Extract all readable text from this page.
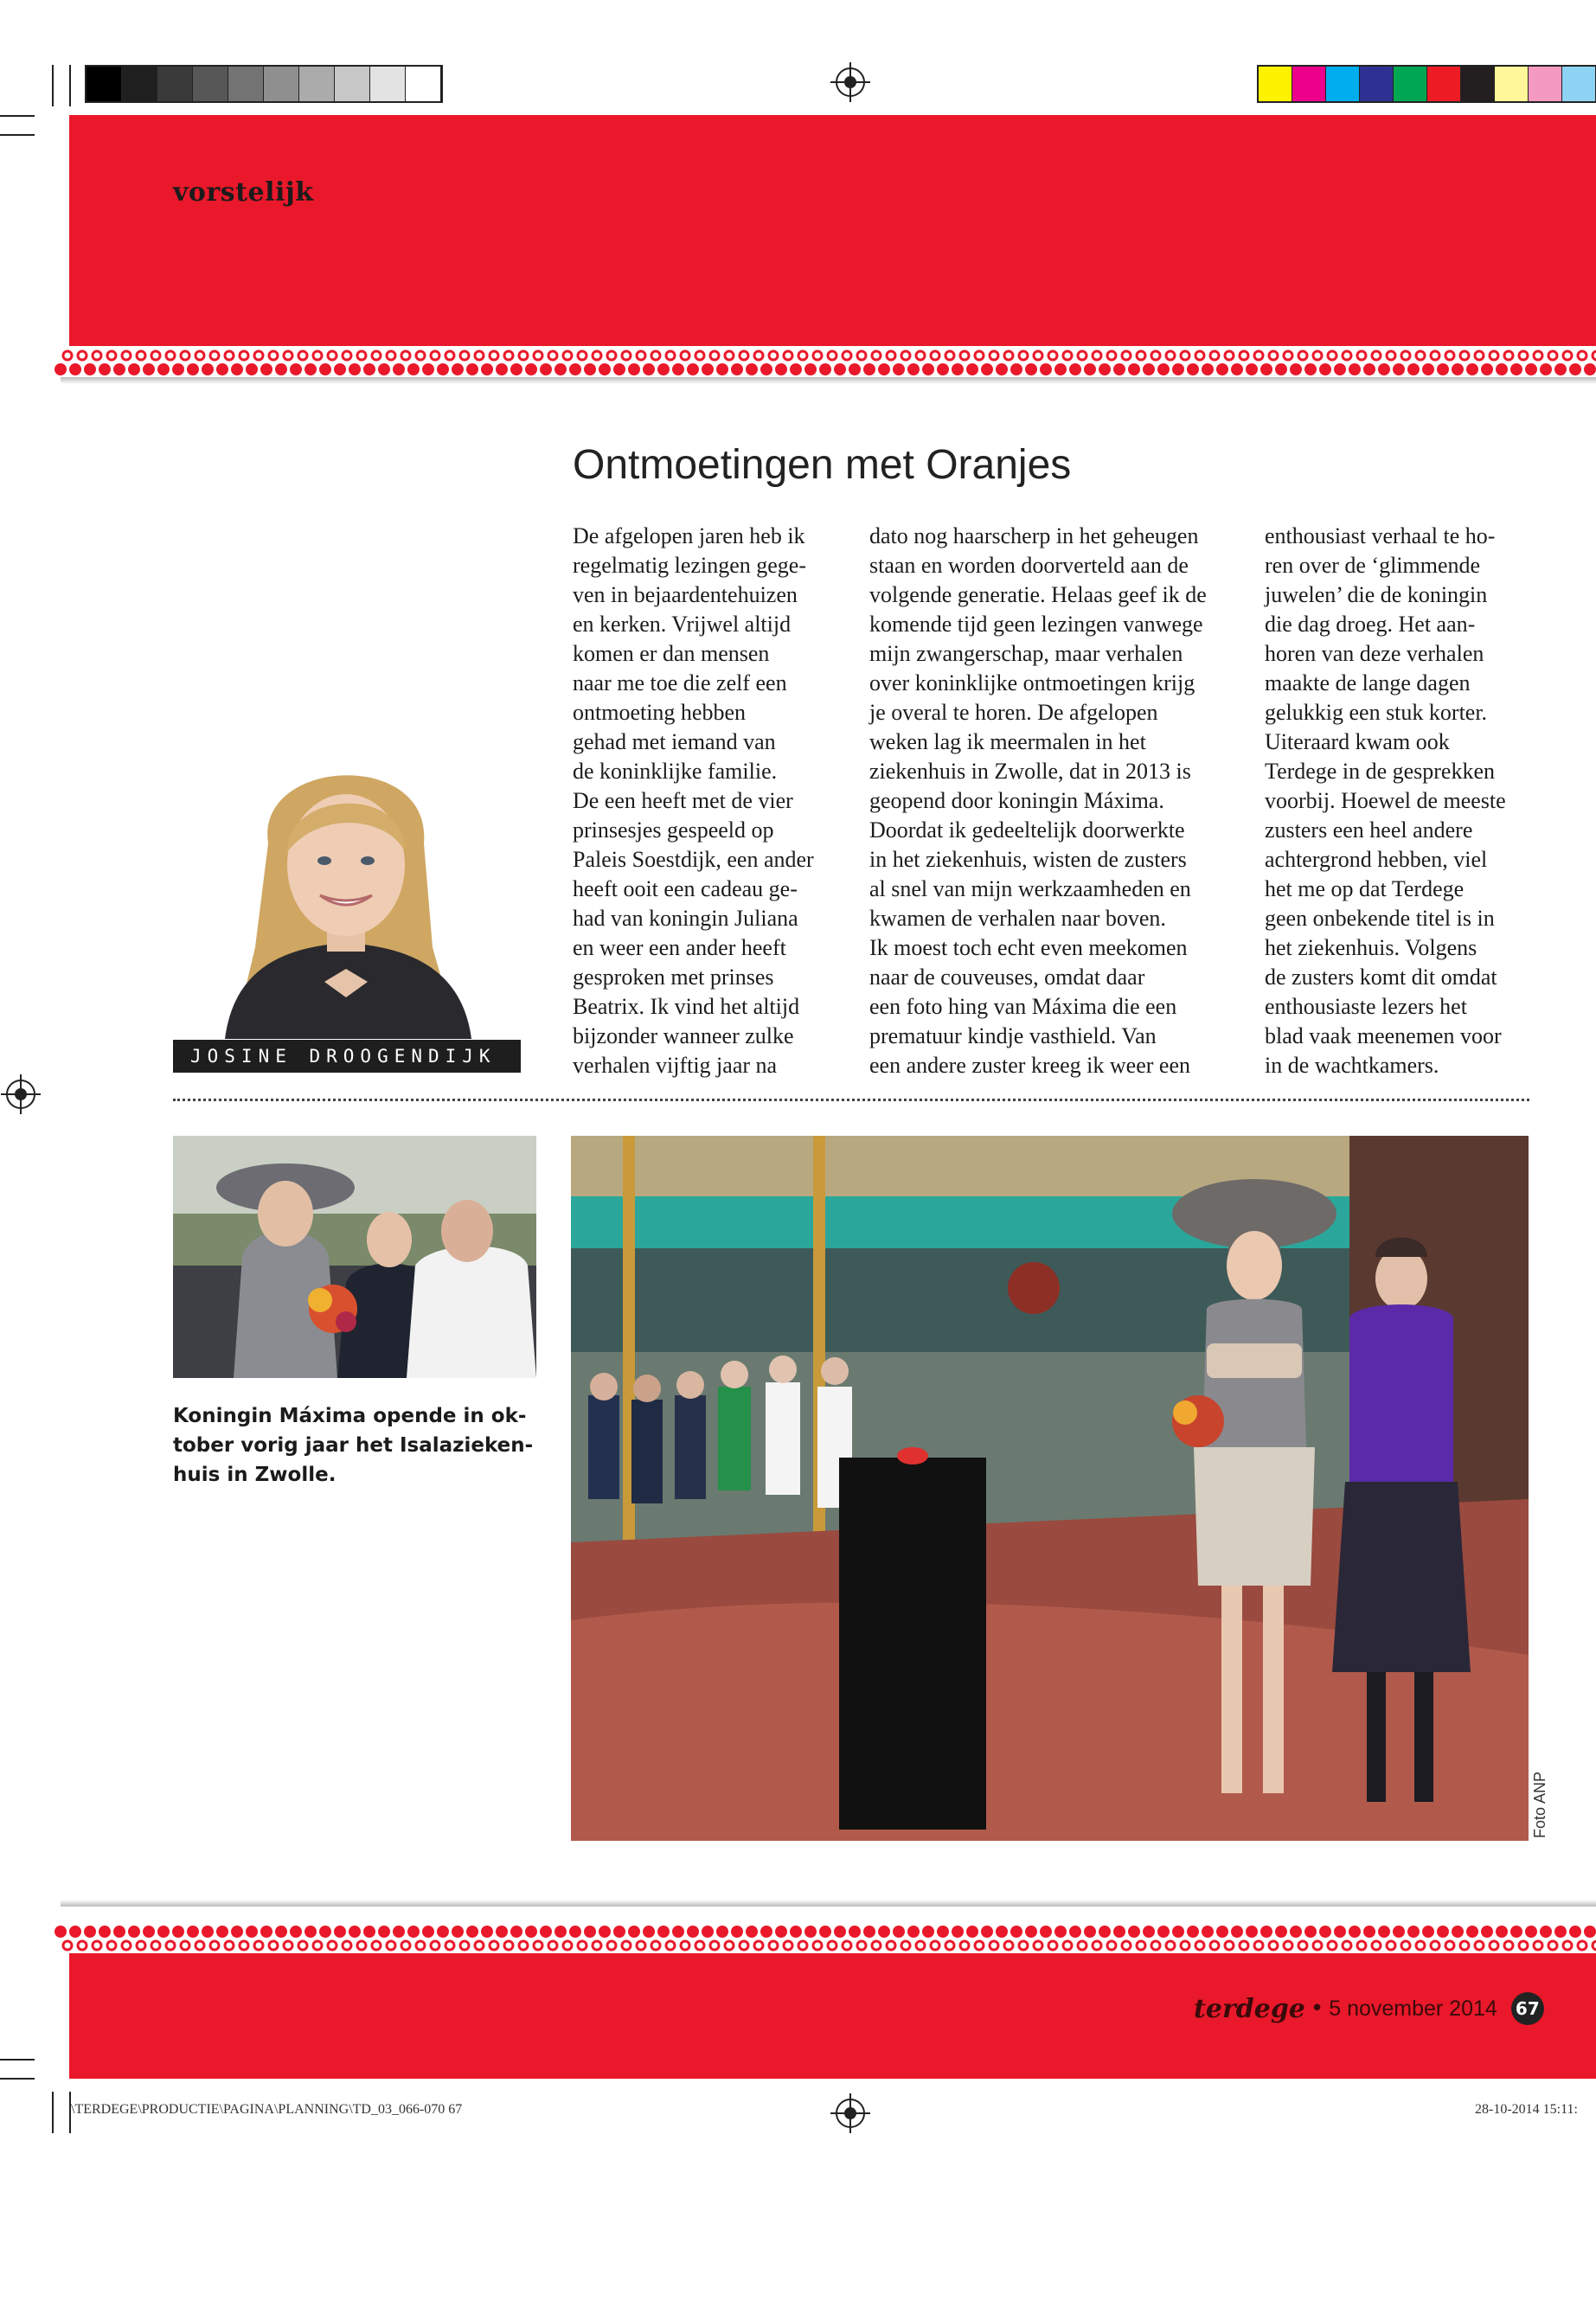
vorstelijk
Ontmoetingen met Oranjes
De afgelopen jaren heb ik
regelmatig lezingen gege-
ven in bejaardentehuizen
en kerken. Vrijwel altijd
komen er dan mensen
naar me toe die zelf een
ontmoeting hebben
gehad met iemand van
de koninklijke familie.
De een heeft met de vier
prinsesjes gespeeld op
Paleis Soestdijk, een ander
heeft ooit een cadeau ge-
had van koningin Juliana
en weer een ander heeft
gesproken met prinses
Beatrix. Ik vind het altijd
bijzonder wanneer zulke
verhalen vijftig jaar na
dato nog haarscherp in het geheugen
staan en worden doorverteld aan de
volgende generatie. Helaas geef ik de
komende tijd geen lezingen vanwege
mijn zwangerschap, maar verhalen
over koninklijke ontmoetingen krijg
je overal te horen. De afgelopen
weken lag ik meermalen in het
ziekenhuis in Zwolle, dat in 2013 is
geopend door koningin Máxima.
Doordat ik gedeeltelijk doorwerkte
in het ziekenhuis, wisten de zusters
al snel van mijn werkzaamheden en
kwamen de verhalen naar boven.
Ik moest toch echt even meekomen
naar de couveuses, omdat daar
een foto hing van Máxima die een
prematuur kindje vasthield. Van
een andere zuster kreeg ik weer een
enthousiast verhaal te ho-
ren over de ‘glimmende
juwelen’ die de koningin
die dag droeg. Het aan-
horen van deze verhalen
maakte de lange dagen
gelukkig een stuk korter.
Uiteraard kwam ook
Terdege in de gesprekken
voorbij. Hoewel de meeste
zusters een heel andere
achtergrond hebben, viel
het me op dat Terdege
geen onbekende titel is in
het ziekenhuis. Volgens
de zusters komt dit omdat
enthousiaste lezers het
blad vaak meenemen voor
in de wachtkamers.
JOSINE DROOGENDIJK
Koningin Máxima opende in ok-
tober vorig jaar het Isalazieken-
huis in Zwolle.
Foto ANP
terdege • 5 november 2014 67
\TERDEGE\PRODUCTIE\PAGINA\PLANNING\TD_03_066-070 67	28-10-2014 15:11:
